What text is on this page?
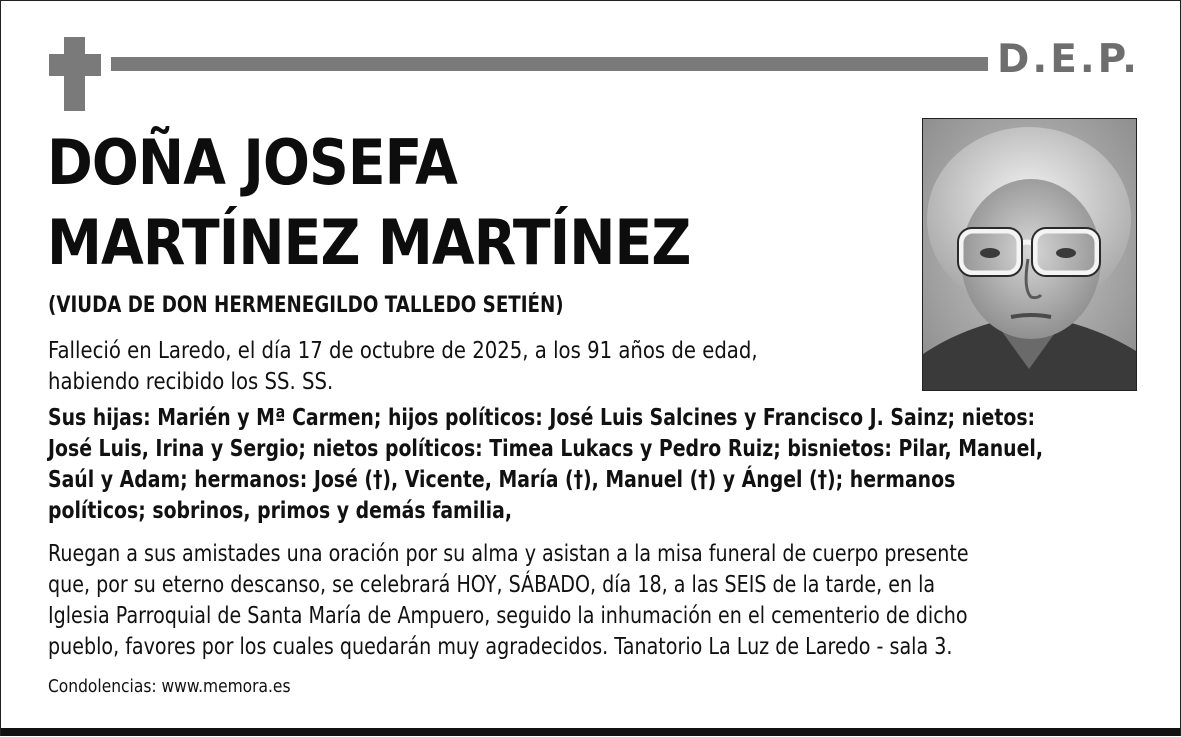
D.E.P.
DOÑA JOSEFA
MARTÍNEZ MARTÍNEZ

(VIUDA DE DON HERMENEGILDO TALLEDO SETIÉN)

Falleció en Laredo, el día 17 de octubre de 2025, a los 91 años de edad,
habiendo recibido los SS. SS.

Sus hijas: Marién y Mª Carmen; hijos políticos: José Luis Salcines y Francisco J. Sainz; nietos:
José Luis, Irina y Sergio; nietos políticos: Timea Lukacs y Pedro Ruiz; bisnietos: Pilar, Manuel,
Saúl y Adam; hermanos: José (†), Vicente, María (†), Manuel (†) y Ángel (†); hermanos
políticos; sobrinos, primos y demás familia,

Ruegan a sus amistades una oración por su alma y asistan a la misa funeral de cuerpo presente
que, por su eterno descanso, se celebrará HOY, SÁBADO, día 18, a las SEIS de la tarde, en la
Iglesia Parroquial de Santa María de Ampuero, seguido la inhumación en el cementerio de dicho
pueblo, favores por los cuales quedarán muy agradecidos. Tanatorio La Luz de Laredo - sala 3.

Condolencias: www.memora.es
